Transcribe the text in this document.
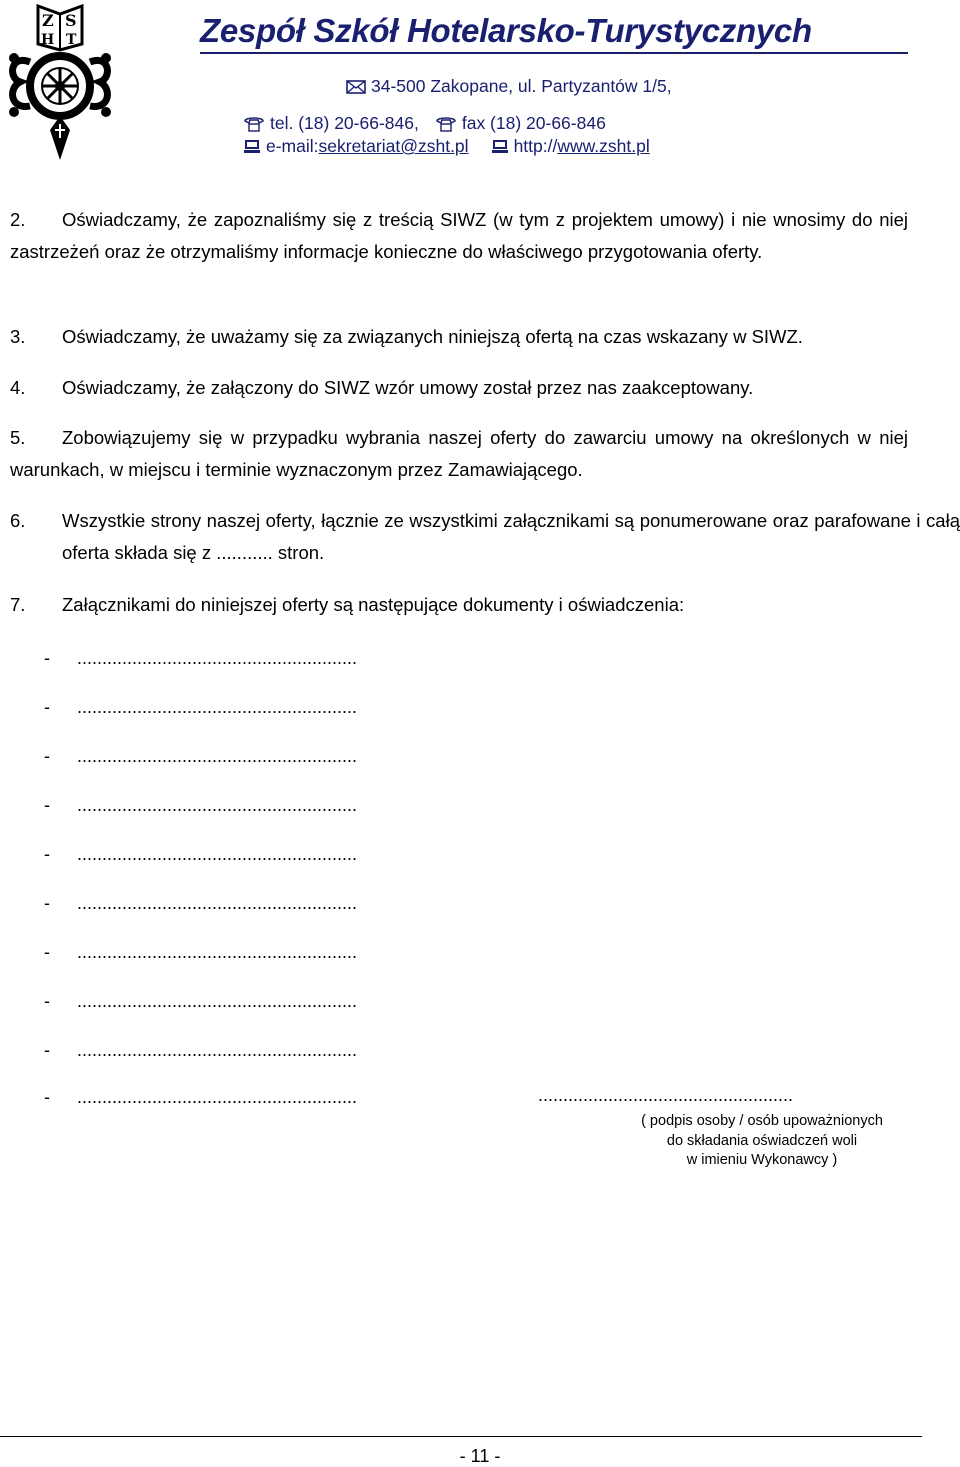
Z S
H T	Zespół Szkół Hotelarsko-Turystycznych
34-500 Zakopane, ul. Partyzantów 1/5,
tel. (18) 20-66-846, fax (18) 20-66-846
e-mail: sekretariat@zsht.pl	http:// www.zsht.pl
2.	Oświadczamy, że zapoznaliśmy się z treścią SIWZ (w tym z projektem umowy) i nie wnosimy do niej zastrzeżeń oraz że otrzymaliśmy informacje konieczne do właściwego przygotowania oferty.
3. Oświadczamy, że uważamy się za związanych niniejszą ofertą na czas wskazany w SIWZ.
4. Oświadczamy, że załączony do SIWZ wzór umowy został przez nas zaakceptowany.
5.	Zobowiązujemy się w przypadku wybrania naszej oferty do zawarciu umowy na określonych w niej warunkach, w miejscu i terminie wyznaczonym przez Zamawiającego.
6. Wszystkie strony naszej oferty, łącznie ze wszystkimi załącznikami są ponumerowane oraz parafowane i całą oferta składa się z ........... stron.
7. Załącznikami do niniejszej oferty są następujące dokumenty i oświadczenia:
- ........................................................
- ........................................................
- ........................................................
- ........................................................
- ........................................................
- ........................................................
- ........................................................
- ........................................................
- ........................................................
- ........................................................	...................................................
( podpis osoby / osób upoważnionych
do składania oświadczeń woli
w imieniu Wykonawcy )
- 11 -
